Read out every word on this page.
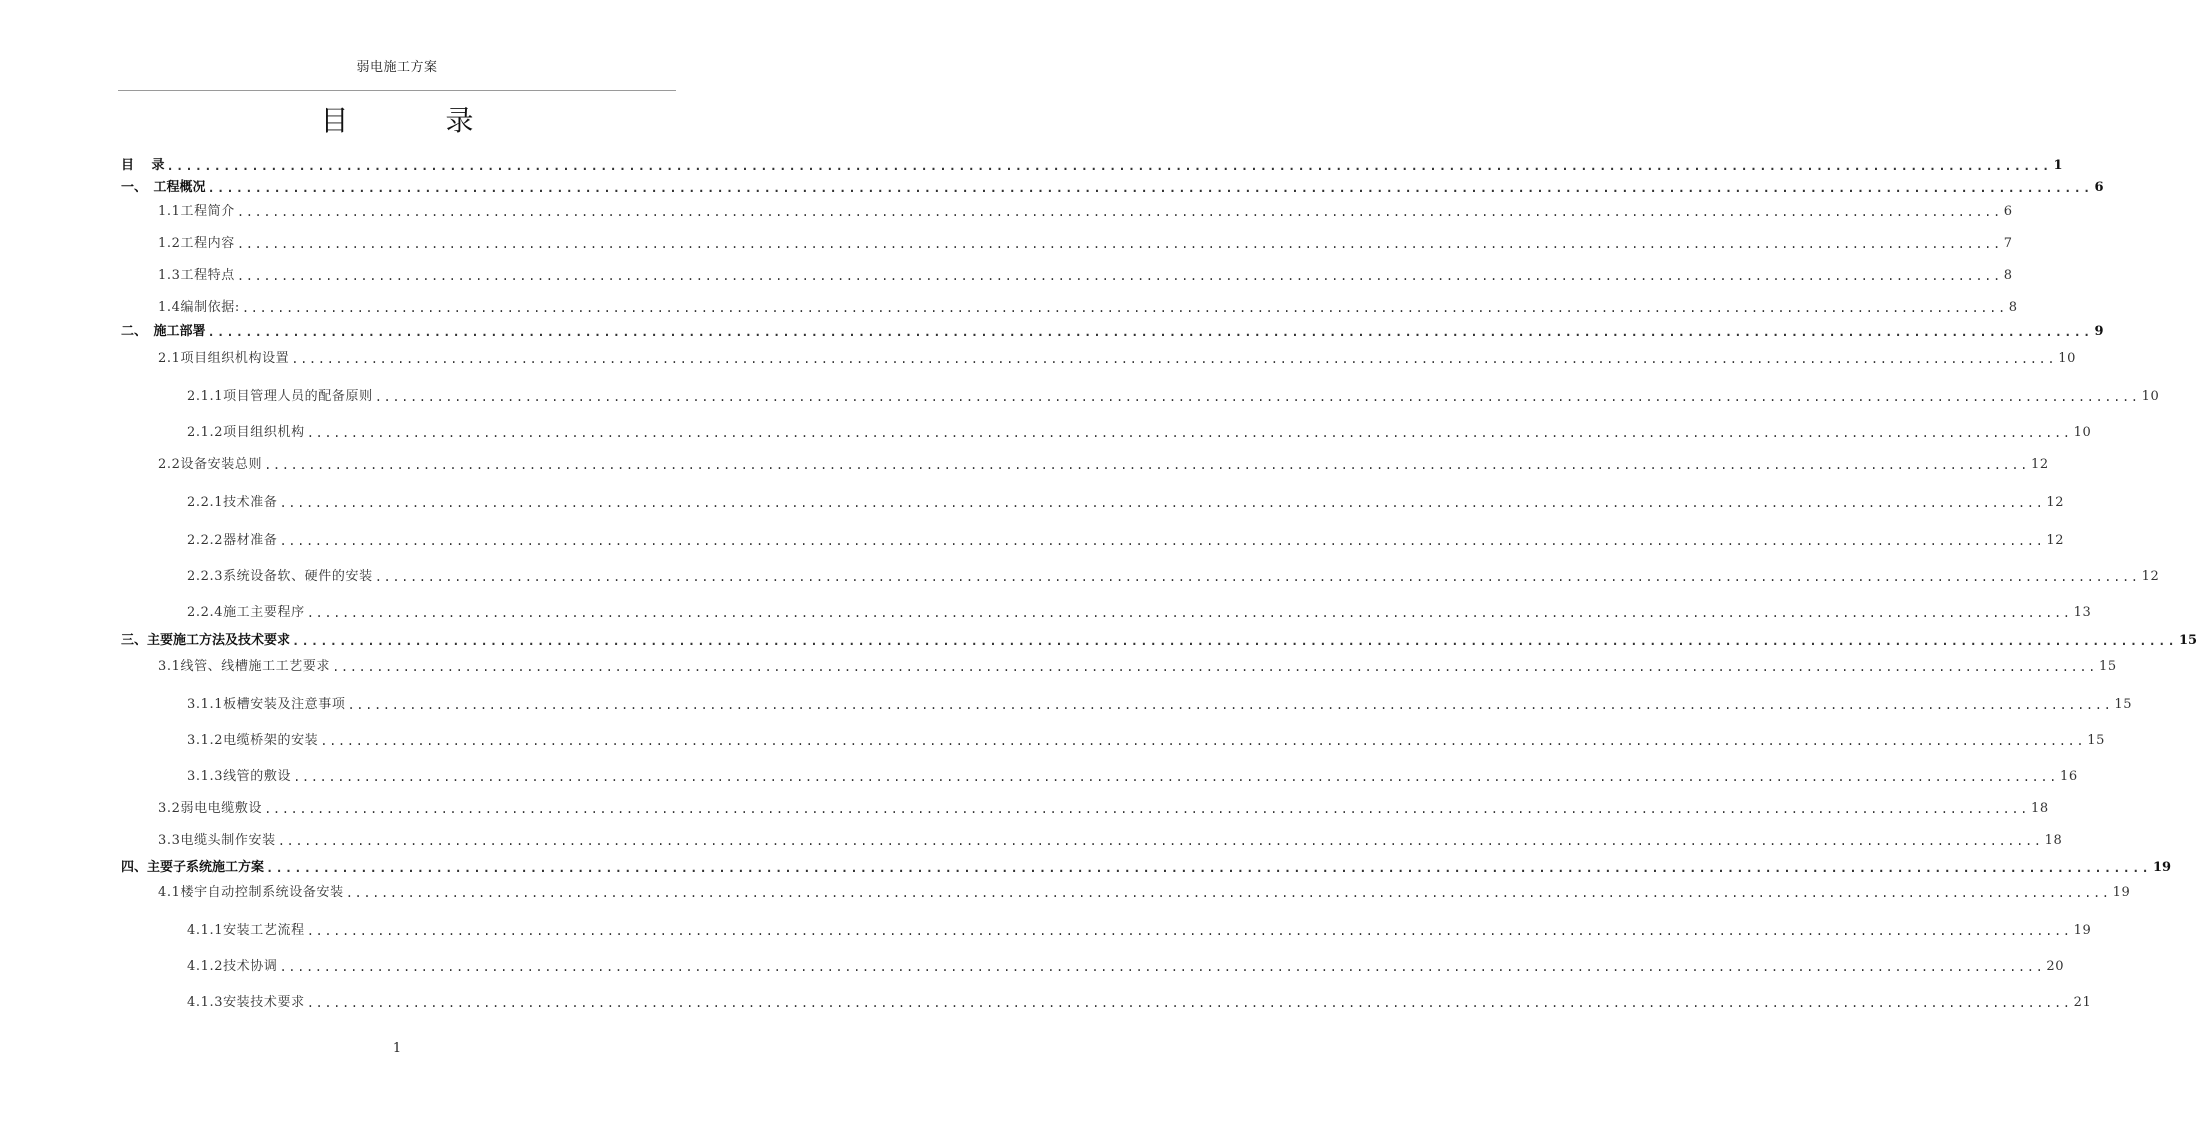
弱电施工方案
目 录
目　 录 ........................................................................................................................................................................................................ 1
一、　工程概况 ........................................................................................................................................................................................................ 6
1.1工程简介 ........................................................................................................................................................................................................ 6
1.2工程内容 ........................................................................................................................................................................................................ 7
1.3工程特点 ........................................................................................................................................................................................................ 8
1.4编制依据: ........................................................................................................................................................................................................ 8
二、　施工部署 ........................................................................................................................................................................................................ 9
2.1项目组织机构设置 ........................................................................................................................................................................................................ 10
2.1.1项目管理人员的配备原则 ........................................................................................................................................................................................................ 10
2.1.2项目组织机构 ........................................................................................................................................................................................................ 10
2.2设备安装总则 ........................................................................................................................................................................................................ 12
2.2.1技术准备 ........................................................................................................................................................................................................ 12
2.2.2器材准备 ........................................................................................................................................................................................................ 12
2.2.3系统设备软、硬件的安装 ........................................................................................................................................................................................................ 12
2.2.4施工主要程序 ........................................................................................................................................................................................................ 13
三、主要施工方法及技术要求 ........................................................................................................................................................................................................ 15
3.1线管、线槽施工工艺要求 ........................................................................................................................................................................................................ 15
3.1.1板槽安装及注意事项 ........................................................................................................................................................................................................ 15
3.1.2电缆桥架的安装 ........................................................................................................................................................................................................ 15
3.1.3线管的敷设 ........................................................................................................................................................................................................ 16
3.2弱电电缆敷设 ........................................................................................................................................................................................................ 18
3.3电缆头制作安装 ........................................................................................................................................................................................................ 18
四、主要子系统施工方案 ........................................................................................................................................................................................................ 19
4.1楼宇自动控制系统设备安装 ........................................................................................................................................................................................................ 19
4.1.1安装工艺流程 ........................................................................................................................................................................................................ 19
4.1.2技术协调 ........................................................................................................................................................................................................ 20
4.1.3安装技术要求 ........................................................................................................................................................................................................ 21
1
